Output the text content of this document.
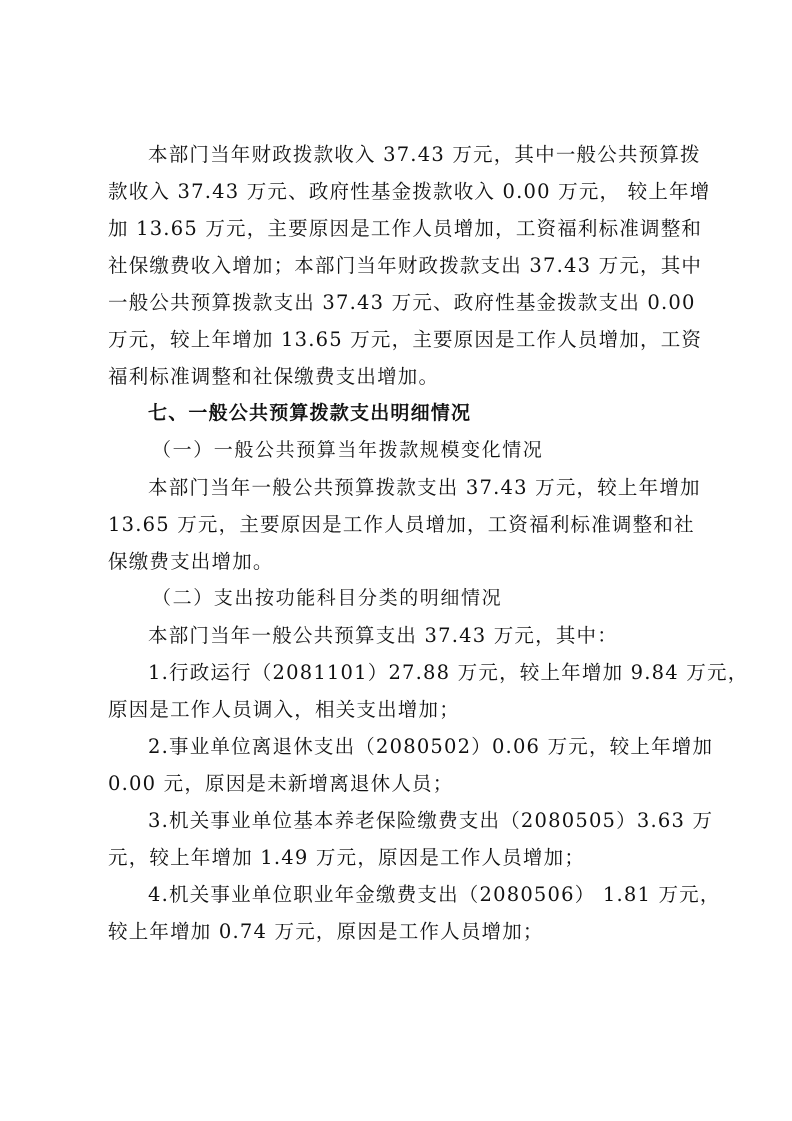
本部门当年财政拨款收入 37.43 万元，其中一般公共预算拨
款收入 37.43 万元、政府性基金拨款收入 0.00 万元， 较上年增
加 13.65 万元，主要原因是工作人员增加，工资福利标准调整和
社保缴费收入增加；本部门当年财政拨款支出 37.43 万元，其中
一般公共预算拨款支出 37.43 万元、政府性基金拨款支出 0.00
万元，较上年增加 13.65 万元，主要原因是工作人员增加，工资
福利标准调整和社保缴费支出增加。
七、一般公共预算拨款支出明细情况
（一）一般公共预算当年拨款规模变化情况
本部门当年一般公共预算拨款支出 37.43 万元，较上年增加
13.65 万元，主要原因是工作人员增加，工资福利标准调整和社
保缴费支出增加。
（二）支出按功能科目分类的明细情况
本部门当年一般公共预算支出 37.43 万元，其中：
1.行政运行（2081101）27.88 万元，较上年增加 9.84 万元，
原因是工作人员调入，相关支出增加；
2.事业单位离退休支出（2080502）0.06 万元，较上年增加
0.00 元，原因是未新增离退休人员；
3.机关事业单位基本养老保险缴费支出（2080505）3.63 万
元，较上年增加 1.49 万元，原因是工作人员增加；
4.机关事业单位职业年金缴费支出（2080506） 1.81 万元，
较上年增加 0.74 万元，原因是工作人员增加；
